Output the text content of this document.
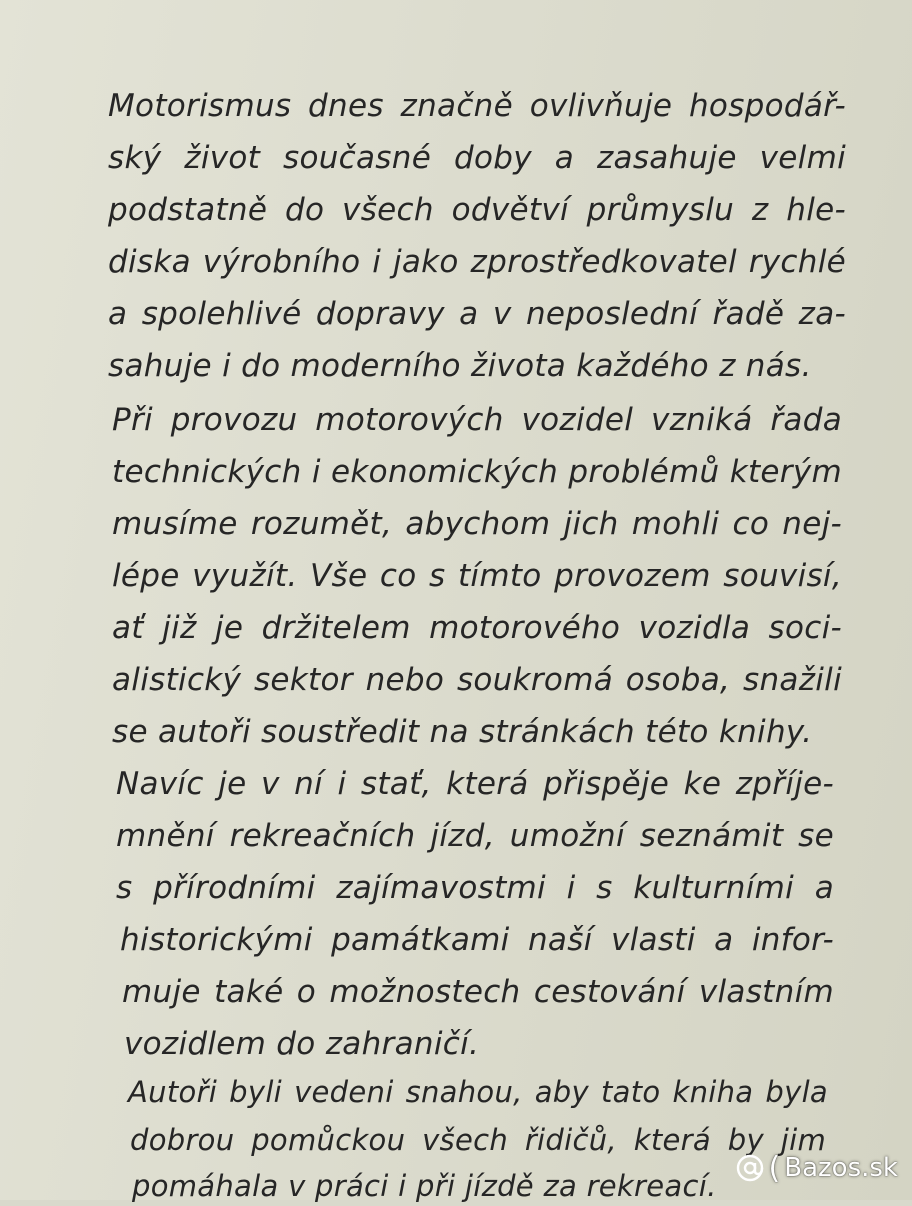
Motorismus dnes značně ovlivňuje hospodář-
ský život současné doby a zasahuje velmi
podstatně do všech odvětví průmyslu z hle-
diska výrobního i jako zprostředkovatel rychlé
a spolehlivé dopravy a v neposlední řadě za-
sahuje i do moderního života každého z nás.
Při provozu motorových vozidel vzniká řada
technických i ekonomických problémů kterým
musíme rozumět, abychom jich mohli co nej-
lépe využít. Vše co s tímto provozem souvisí,
ať již je držitelem motorového vozidla soci-
alistický sektor nebo soukromá osoba, snažili
se autoři soustředit na stránkách této knihy.
Navíc je v ní i stať, která přispěje ke zpříje-
mnění rekreačních jízd, umožní seznámit se
s přírodními zajímavostmi i s kulturními a
historickými památkami naší vlasti a infor-
muje také o možnostech cestování vlastním
vozidlem do zahraničí.
Autoři byli vedeni snahou, aby tato kniha byla
dobrou pomůckou všech řidičů, která by jim
pomáhala v práci i při jízdě za rekreací.
( Bazos.sk
